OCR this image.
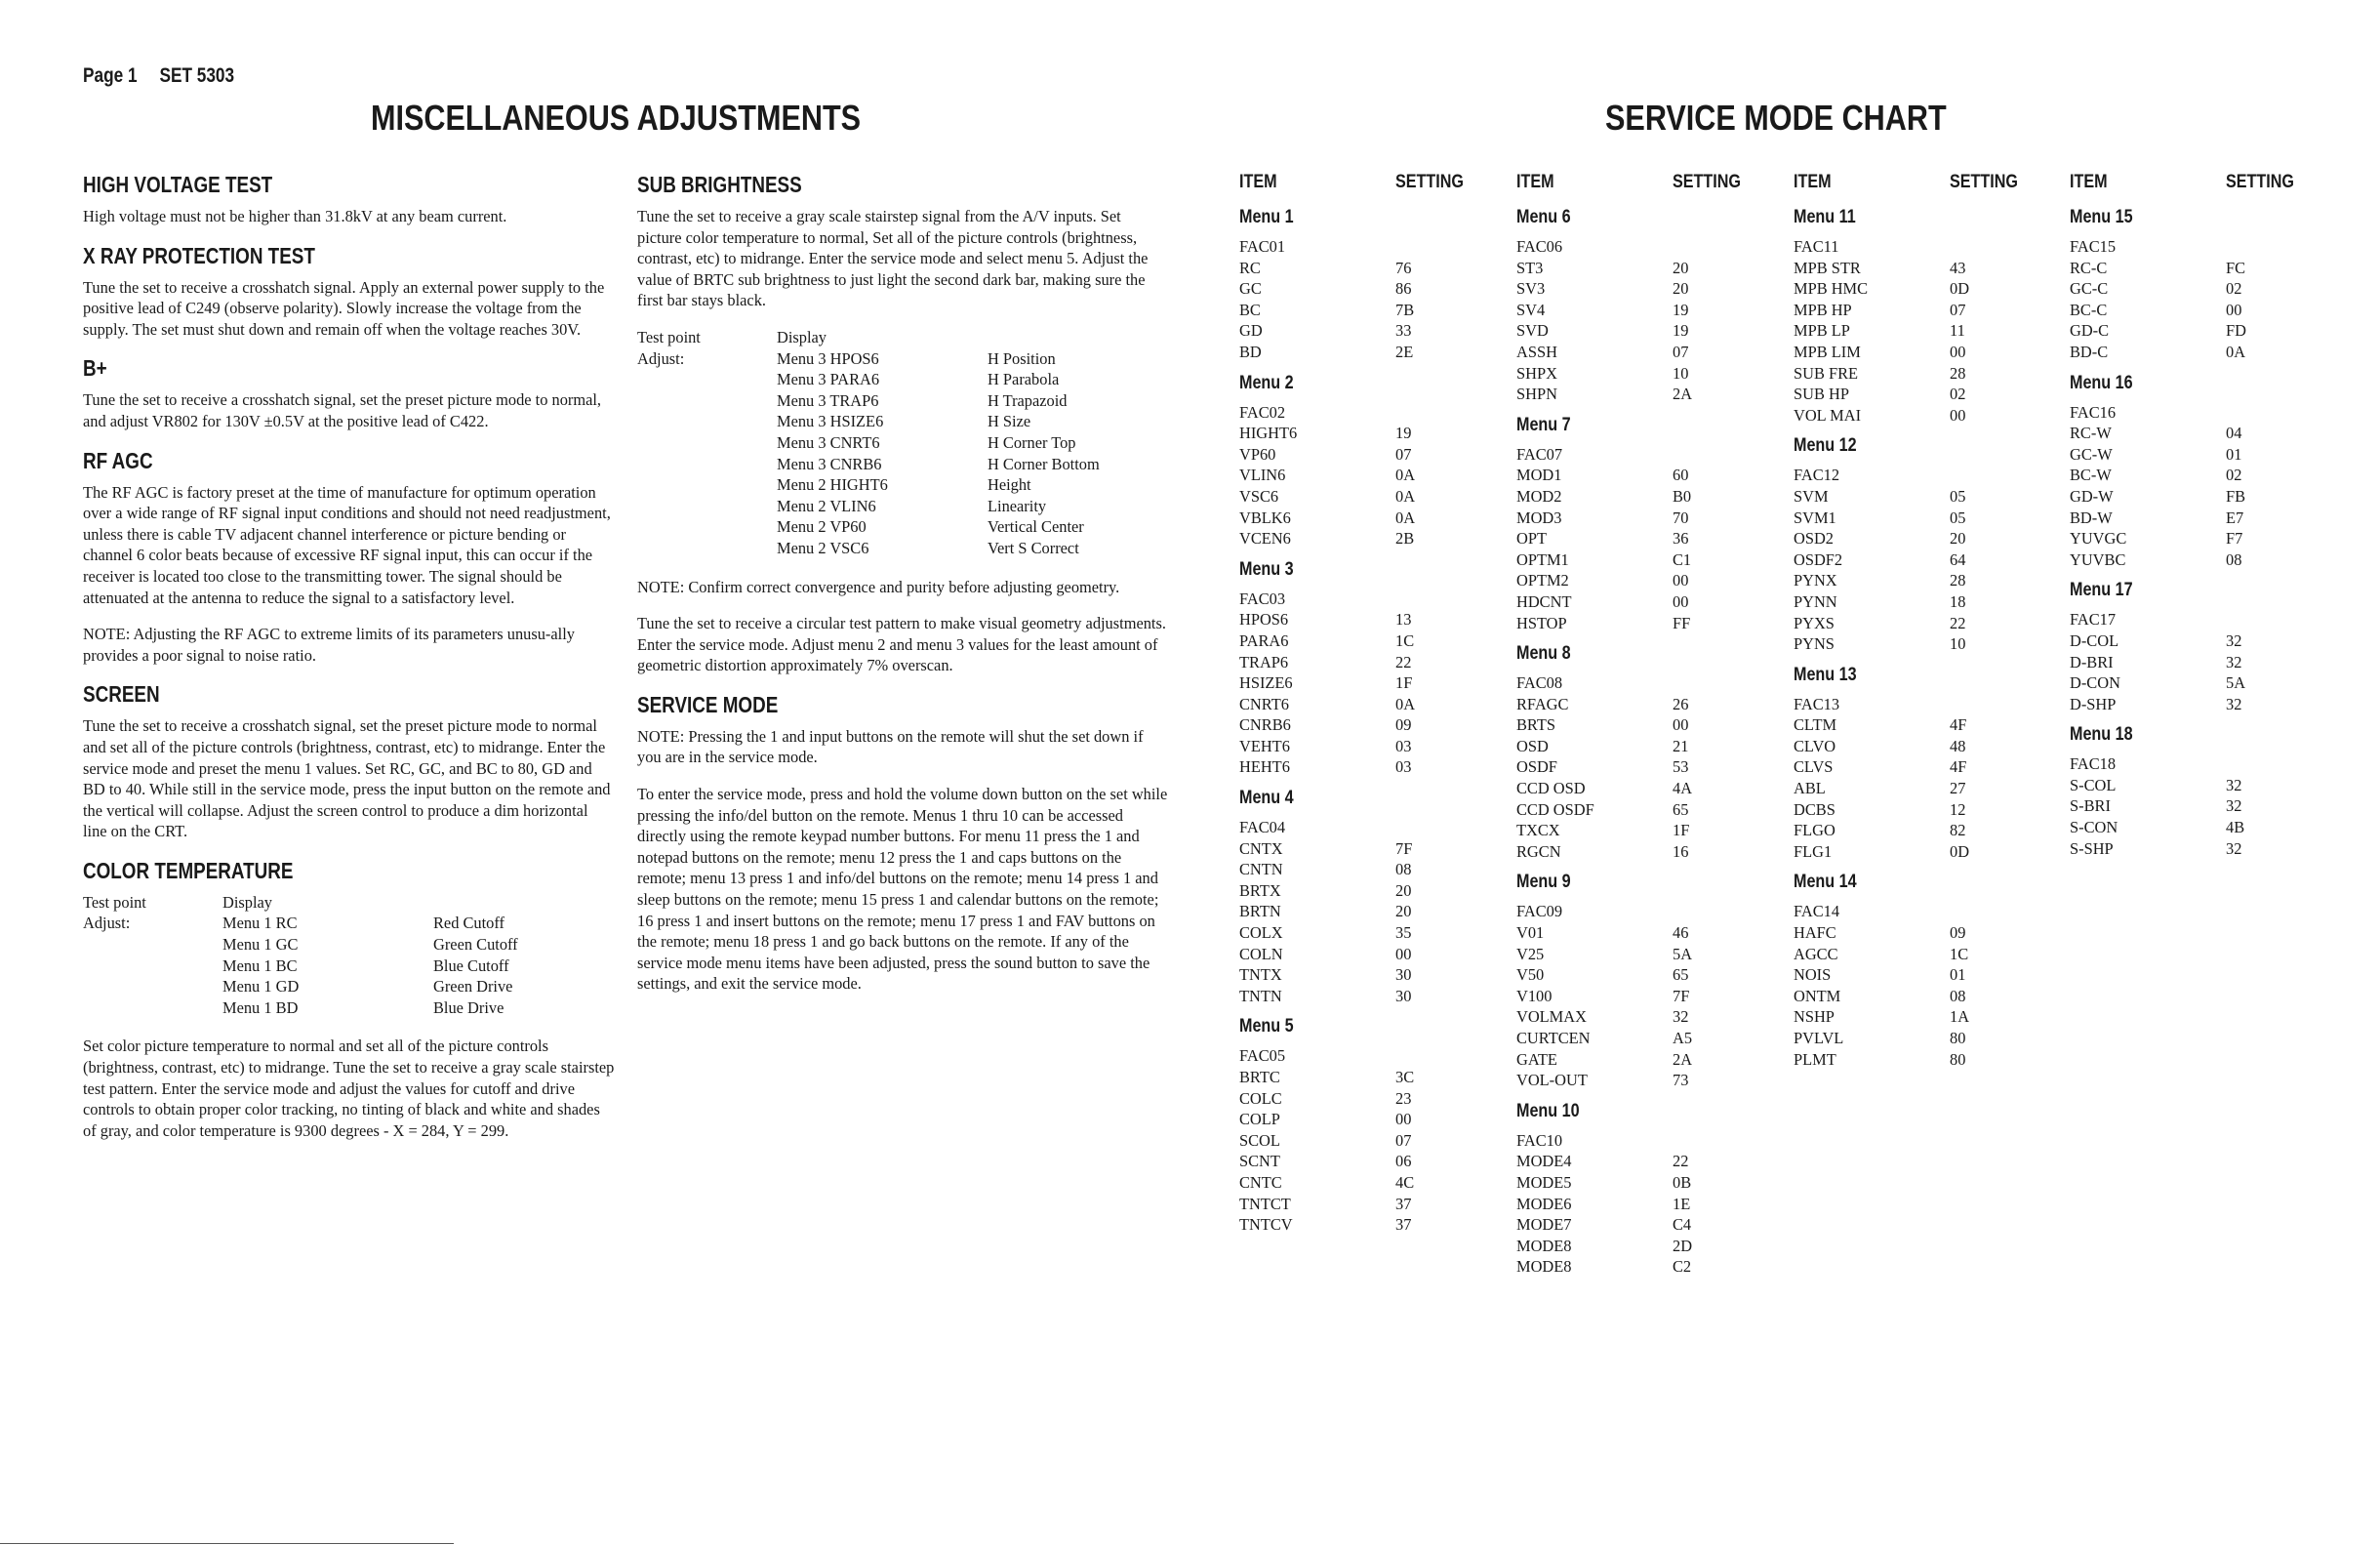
Page 1 SET 5303
MISCELLANEOUS ADJUSTMENTS	SERVICE MODE CHART
HIGH VOLTAGE TEST

High voltage must not be higher than 31.8kV at any beam current.

X RAY PROTECTION TEST

Tune the set to receive a crosshatch signal. Apply an external power supply to the positive lead of C249 (observe polarity). Slowly increase the voltage from the supply. The set must shut down and remain off when the voltage reaches 30V.

B+

Tune the set to receive a crosshatch signal, set the preset picture mode to normal, and adjust VR802 for 130V ±0.5V at the positive lead of C422.

RF AGC

The RF AGC is factory preset at the time of manufacture for optimum operation over a wide range of RF signal input conditions and should not need readjustment, unless there is cable TV adjacent channel interference or picture bending or channel 6 color beats because of excessive RF signal input, this can occur if the receiver is located too close to the transmitting tower. The signal should be attenuated at the antenna to reduce the signal to a satisfactory level.

NOTE: Adjusting the RF AGC to extreme limits of its parameters unusu-ally provides a poor signal to noise ratio.

SCREEN

Tune the set to receive a crosshatch signal, set the preset picture mode to normal and set all of the picture controls (brightness, contrast, etc) to midrange. Enter the service mode and preset the menu 1 values. Set RC, GC, and BC to 80, GD and BD to 40. While still in the service mode, press the input button on the remote and the vertical will collapse. Adjust the screen control to produce a dim horizontal line on the CRT.

COLOR TEMPERATURE
Test point	Display	
Adjust:	Menu 1 RC	Red Cutoff
	Menu 1 GC	Green Cutoff
	Menu 1 BC	Blue Cutoff
	Menu 1 GD	Green Drive
	Menu 1 BD	Blue Drive

Set color picture temperature to normal and set all of the picture controls (brightness, contrast, etc) to midrange. Tune the set to receive a gray scale stairstep test pattern. Enter the service mode and adjust the values for cutoff and drive controls to obtain proper color tracking, no tinting of black and white and shades of gray, and color temperature is 9300 degrees - X = 284, Y = 299.

SUB BRIGHTNESS

Tune the set to receive a gray scale stairstep signal from the A/V inputs. Set picture color temperature to normal, Set all of the picture controls (brightness, contrast, etc) to midrange. Enter the service mode and select menu 5. Adjust the value of BRTC sub brightness to just light the second dark bar, making sure the first bar stays black.

Test point	Display	
Adjust:	Menu 3 HPOS6	H Position
	Menu 3 PARA6	H Parabola
	Menu 3 TRAP6	H Trapazoid
	Menu 3 HSIZE6	H Size
	Menu 3 CNRT6	H Corner Top
	Menu 3 CNRB6	H Corner Bottom
	Menu 2 HIGHT6	Height
	Menu 2 VLIN6	Linearity
	Menu 2 VP60	Vertical Center
	Menu 2 VSC6	Vert S Correct

NOTE: Confirm correct convergence and purity before adjusting geometry.

Tune the set to receive a circular test pattern to make visual geometry adjustments. Enter the service mode. Adjust menu 2 and menu 3 values for the least amount of geometric distortion approximately 7% overscan.

SERVICE MODE

NOTE: Pressing the 1 and input buttons on the remote will shut the set down if you are in the service mode.

To enter the service mode, press and hold the volume down button on the set while pressing the info/del button on the remote. Menus 1 thru 10 can be accessed directly using the remote keypad number buttons. For menu 11 press the 1 and notepad buttons on the remote; menu 12 press the 1 and caps buttons on the remote; menu 13 press 1 and info/del buttons on the remote; menu 14 press 1 and sleep buttons on the remote; menu 15 press 1 and calendar buttons on the remote; 16 press 1 and insert buttons on the remote; menu 17 press 1 and FAV buttons on the remote; menu 18 press 1 and go back buttons on the remote. If any of the service mode menu items have been adjusted, press the sound button to save the settings, and exit the service mode.

ITEM	SETTING
Menu 1
FAC01
RC	76
GC	86
BC	7B
GD	33
BD	2E
Menu 2
FAC02
HIGHT6	19
VP60	07
VLIN6	0A
VSC6	0A
VBLK6	0A
VCEN6	2B
Menu 3
FAC03
HPOS6	13
PARA6	1C
TRAP6	22
HSIZE6	1F
CNRT6	0A
CNRB6	09
VEHT6	03
HEHT6	03
Menu 4
FAC04
CNTX	7F
CNTN	08
BRTX	20
BRTN	20
COLX	35
COLN	00
TNTX	30
TNTN	30
Menu 5
FAC05
BRTC	3C
COLC	23
COLP	00
SCOL	07
SCNT	06
CNTC	4C
TNTCT	37
TNTCV	37
ITEM	SETTING
Menu 6
FAC06
ST3	20
SV3	20
SV4	19
SVD	19
ASSH	07
SHPX	10
SHPN	2A
Menu 7
FAC07
MOD1	60
MOD2	B0
MOD3	70
OPT	36
OPTM1	C1
OPTM2	00
HDCNT	00
HSTOP	FF
Menu 8
FAC08
RFAGC	26
BRTS	00
OSD	21
OSDF	53
CCD OSD	4A
CCD OSDF	65
TXCX	1F
RGCN	16
Menu 9
FAC09
V01	46
V25	5A
V50	65
V100	7F
VOLMAX	32
CURTCEN	A5
GATE	2A
VOL-OUT	73
Menu 10
FAC10
MODE4	22
MODE5	0B
MODE6	1E
MODE7	C4
MODE8	2D
MODE8	C2
ITEM	SETTING
Menu 11
FAC11
MPB STR	43
MPB HMC	0D
MPB HP	07
MPB LP	11
MPB LIM	00
SUB FRE	28
SUB HP	02
VOL MAI	00
Menu 12
FAC12
SVM	05
SVM1	05
OSD2	20
OSDF2	64
PYNX	28
PYNN	18
PYXS	22
PYNS	10
Menu 13
FAC13
CLTM	4F
CLVO	48
CLVS	4F
ABL	27
DCBS	12
FLGO	82
FLG1	0D
Menu 14
FAC14
HAFC	09
AGCC	1C
NOIS	01
ONTM	08
NSHP	1A
PVLVL	80
PLMT	80
ITEM	SETTING
Menu 15
FAC15
RC-C	FC
GC-C	02
BC-C	00
GD-C	FD
BD-C	0A
Menu 16
FAC16
RC-W	04
GC-W	01
BC-W	02
GD-W	FB
BD-W	E7
YUVGC	F7
YUVBC	08
Menu 17
FAC17
D-COL	32
D-BRI	32
D-CON	5A
D-SHP	32
Menu 18
FAC18
S-COL	32
S-BRI	32
S-CON	4B
S-SHP	32
